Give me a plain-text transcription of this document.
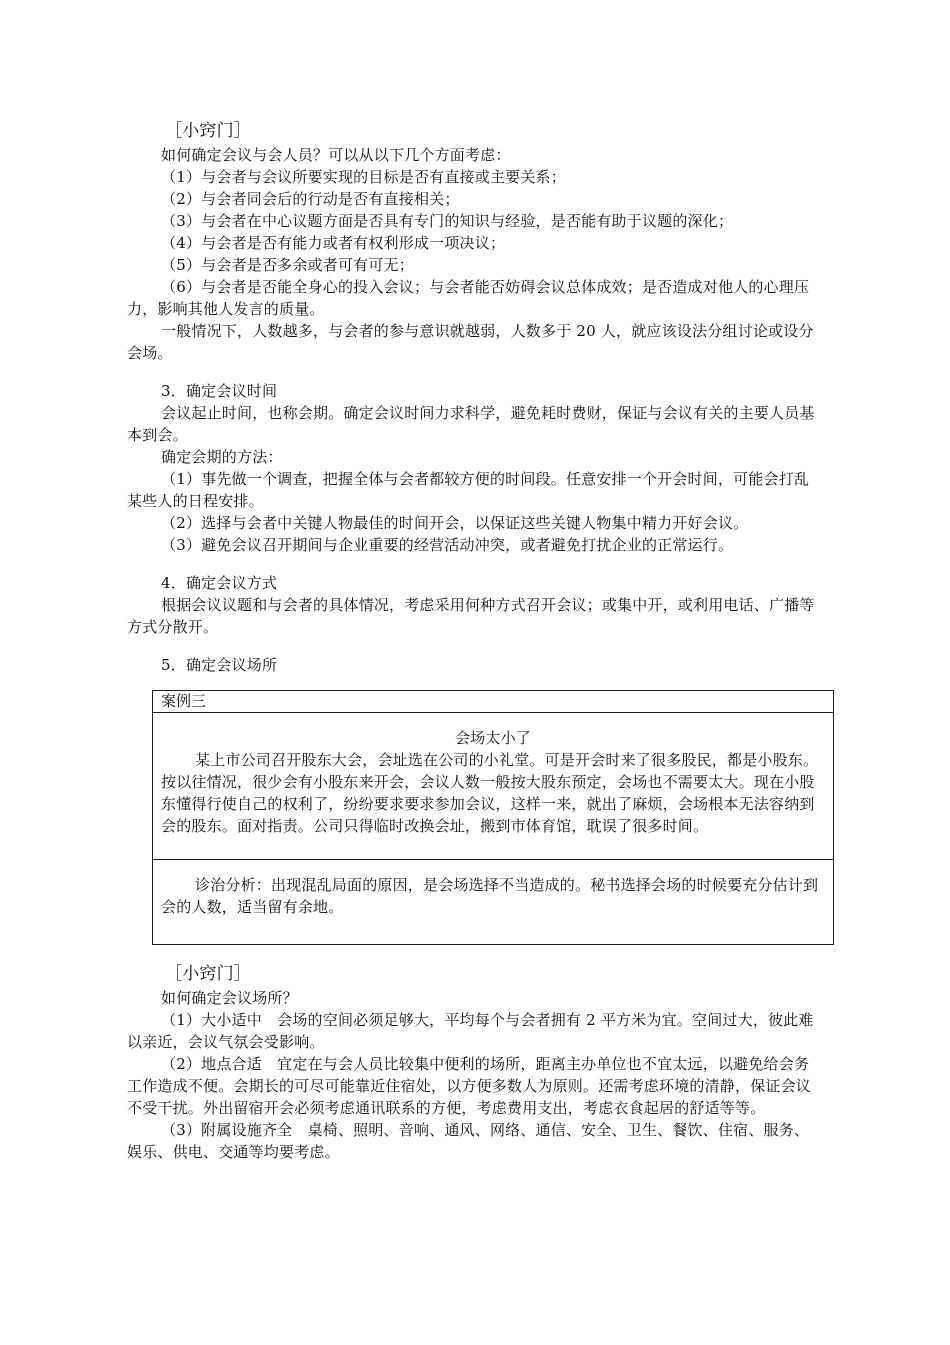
［小窍门］

如何确定会议与会人员？可以从以下几个方面考虑：

（1）与会者与会议所要实现的目标是否有直接或主要关系；

（2）与会者同会后的行动是否有直接相关；

（3）与会者在中心议题方面是否具有专门的知识与经验，是否能有助于议题的深化；

（4）与会者是否有能力或者有权利形成一项决议；

（5）与会者是否多余或者可有可无；

（6）与会者是否能全身心的投入会议；与会者能否妨碍会议总体成效；是否造成对他人的心理压力，影响其他人发言的质量。

一般情况下，人数越多，与会者的参与意识就越弱，人数多于 20 人，就应该设法分组讨论或设分会场。

3．确定会议时间

会议起止时间，也称会期。确定会议时间力求科学，避免耗时费财，保证与会议有关的主要人员基本到会。

确定会期的方法：

（1）事先做一个调查，把握全体与会者都较方便的时间段。任意安排一个开会时间，可能会打乱某些人的日程安排。

（2）选择与会者中关键人物最佳的时间开会，以保证这些关键人物集中精力开好会议。

（3）避免会议召开期间与企业重要的经营活动冲突，或者避免打扰企业的正常运行。

4．确定会议方式

根据会议议题和与会者的具体情况，考虑采用何种方式召开会议；或集中开，或利用电话、广播等方式分散开。

5．确定会议场所

案例三

会场太小了

某上市公司召开股东大会，会址选在公司的小礼堂。可是开会时来了很多股民，都是小股东。按以往情况，很少会有小股东来开会，会议人数一般按大股东预定，会场也不需要太大。现在小股东懂得行使自己的权利了，纷纷要求要求参加会议，这样一来，就出了麻烦，会场根本无法容纳到会的股东。面对指责。公司只得临时改换会址，搬到市体育馆，耽误了很多时间。

诊治分析：出现混乱局面的原因，是会场选择不当造成的。秘书选择会场的时候要充分估计到会的人数，适当留有余地。

［小窍门］

如何确定会议场所？

（1）大小适中　会场的空间必须足够大，平均每个与会者拥有 2 平方米为宜。空间过大，彼此难以亲近，会议气氛会受影响。

（2）地点合适　宜定在与会人员比较集中便利的场所，距离主办单位也不宜太远，以避免给会务工作造成不便。会期长的可尽可能靠近住宿处，以方便多数人为原则。还需考虑环境的清静，保证会议不受干扰。外出留宿开会必须考虑通讯联系的方便，考虑费用支出，考虑衣食起居的舒适等等。

（3）附属设施齐全　桌椅、照明、音响、通风、网络、通信、安全、卫生、餐饮、住宿、服务、娱乐、供电、交通等均要考虑。
